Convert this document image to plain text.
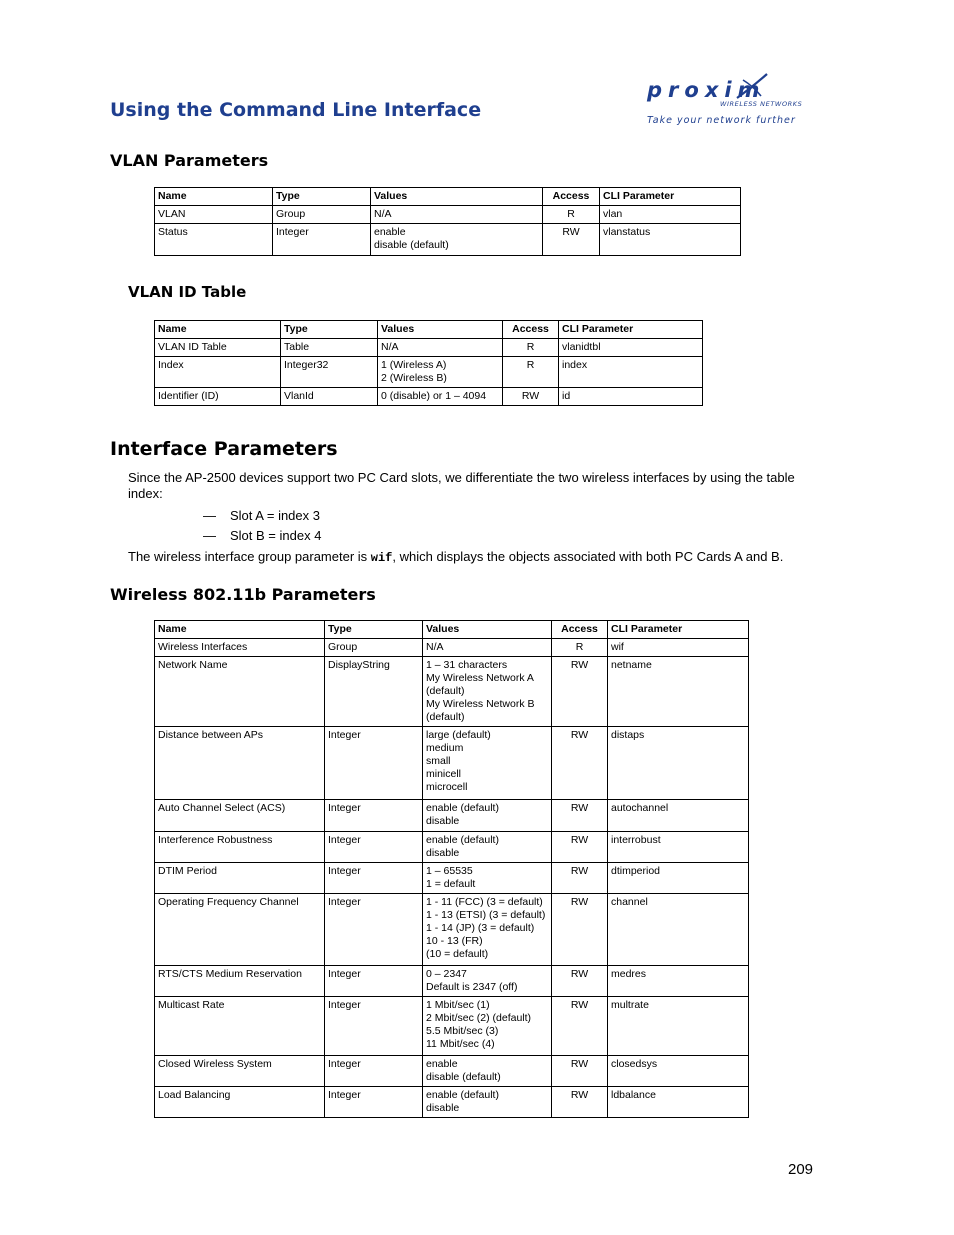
Using the Command Line Interface
proxim
WIRELESS NETWORKS
Take your network further
VLAN Parameters
Name	Type	Values	Access	CLI Parameter
VLAN	Group	N/A	R	vlan
Status	Integer	enable
disable (default)	RW	vlanstatus
VLAN ID Table
Name	Type	Values	Access	CLI Parameter
VLAN ID Table	Table	N/A	R	vlanidtbl
Index	Integer32	1 (Wireless A)
2 (Wireless B)	R	index
Identifier (ID)	VlanId	0 (disable) or 1 – 4094	RW	id
Interface Parameters

Since the AP-2500 devices support two PC Card slots, we differentiate the two wireless interfaces by using the table index:

— Slot A = index 3
— Slot B = index 4

The wireless interface group parameter is wif, which displays the objects associated with both PC Cards A and B.

Wireless 802.11b Parameters
Name	Type	Values	Access	CLI Parameter
Wireless Interfaces	Group	N/A	R	wif
Network Name	DisplayString	1 – 31 characters
My Wireless Network A
(default)
My Wireless Network B
(default)	RW	netname
Distance between APs	Integer	large (default)
medium
small
minicell
microcell	RW	distaps
Auto Channel Select (ACS)	Integer	enable (default)
disable	RW	autochannel
Interference Robustness	Integer	enable (default)
disable	RW	interrobust
DTIM Period	Integer	1 – 65535
1 = default	RW	dtimperiod
Operating Frequency Channel	Integer	1 - 11 (FCC) (3 = default)
1 - 13 (ETSI) (3 = default)
1 - 14 (JP) (3 = default)
10 - 13 (FR)
(10 = default)	RW	channel
RTS/CTS Medium Reservation	Integer	0 – 2347
Default is 2347 (off)	RW	medres
Multicast Rate	Integer	1 Mbit/sec (1)
2 Mbit/sec (2) (default)
5.5 Mbit/sec (3)
11 Mbit/sec (4)	RW	multrate
Closed Wireless System	Integer	enable
disable (default)	RW	closedsys
Load Balancing	Integer	enable (default)
disable	RW	ldbalance
209
